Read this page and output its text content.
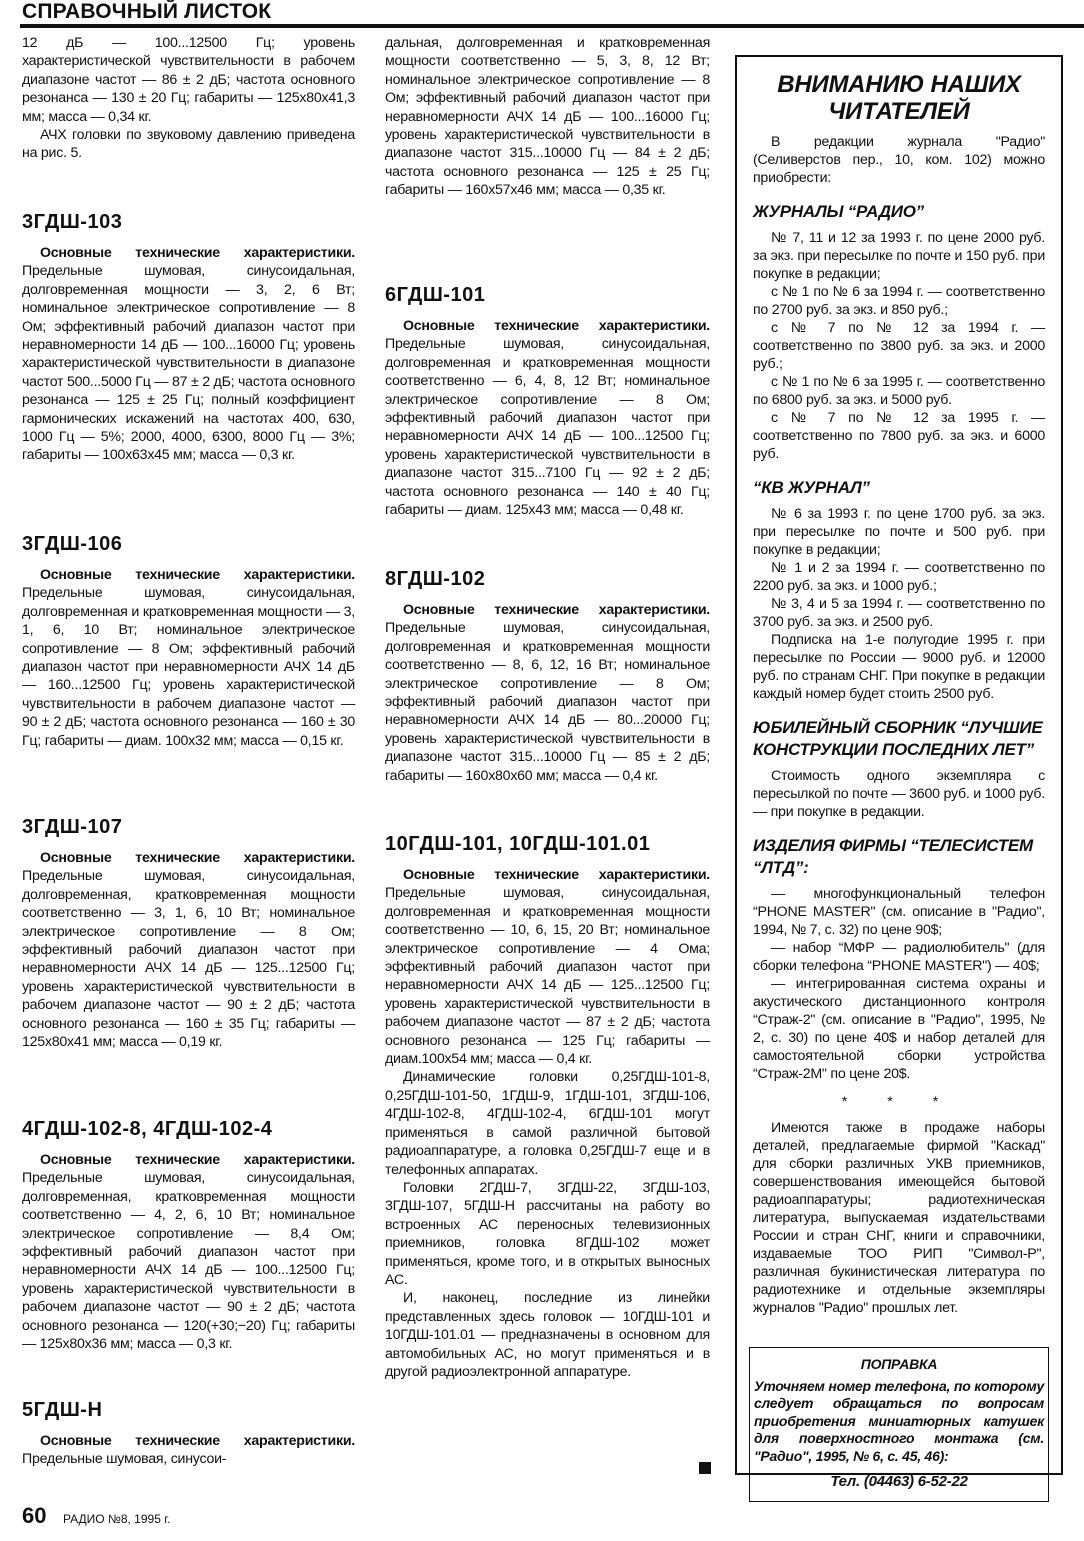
СПРАВОЧНЫЙ ЛИСТОК

12 дБ — 100...12500 Гц; уровень характеристической чувствительности в рабочем диапазоне частот — 86 ± 2 дБ; частота основного резонанса — 130 ± 20 Гц; габариты — 125x80x41,3 мм; масса — 0,34 кг.

АЧХ головки по звуковому давлению приведена на рис. 5.

3ГДШ-103

Основные технические характеристики. Предельные шумовая, синусоидальная, долговременная мощности — 3, 2, 6 Вт; номинальное электрическое сопротивление — 8 Ом; эффективный рабочий диапазон частот при неравномерности 14 дБ — 100...16000 Гц; уровень характеристической чувствительности в диапазоне частот 500...5000 Гц — 87 ± 2 дБ; частота основного резонанса — 125 ± 25 Гц; полный коэффициент гармонических искажений на частотах 400, 630, 1000 Гц — 5%; 2000, 4000, 6300, 8000 Гц — 3%; габариты — 100x63x45 мм; масса — 0,3 кг.

3ГДШ-106

Основные технические характеристики. Предельные шумовая, синусоидальная, долговременная и кратковременная мощности — 3, 1, 6, 10 Вт; номинальное электрическое сопротивление — 8 Ом; эффективный рабочий диапазон частот при неравномерности АЧХ 14 дБ — 160...12500 Гц; уровень характеристической чувствительности в рабочем диапазоне частот — 90 ± 2 дБ; частота основного резонанса — 160 ± 30 Гц; габариты — диам. 100x32 мм; масса — 0,15 кг.

3ГДШ-107

Основные технические характеристики. Предельные шумовая, синусоидальная, долговременная, кратковременная мощности соответственно — 3, 1, 6, 10 Вт; номинальное электрическое сопротивление — 8 Ом; эффективный рабочий диапазон частот при неравномерности АЧХ 14 дБ — 125...12500 Гц; уровень характеристической чувствительности в рабочем диапазоне частот — 90 ± 2 дБ; частота основного резонанса — 160 ± 35 Гц; габариты — 125x80x41 мм; масса — 0,19 кг.

4ГДШ-102-8, 4ГДШ-102-4

Основные технические характеристики. Предельные шумовая, синусоидальная, долговременная, кратковременная мощности соответственно — 4, 2, 6, 10 Вт; номинальное электрическое сопротивление — 8,4 Ом; эффективный рабочий диапазон частот при неравномерности АЧХ 14 дБ — 100...12500 Гц; уровень характеристической чувствительности в рабочем диапазоне частот — 90 ± 2 дБ; частота основного резонанса — 120(+30;−20) Гц; габариты — 125x80x36 мм; масса — 0,3 кг.

5ГДШ-Н

Основные технические характеристики. Предельные шумовая, синусои-

дальная, долговременная и кратковременная мощности соответственно — 5, 3, 8, 12 Вт; номинальное электрическое сопротивление — 8 Ом; эффективный рабочий диапазон частот при неравномерности АЧХ 14 дБ — 100...16000 Гц; уровень характеристической чувствительности в диапазоне частот 315...10000 Гц — 84 ± 2 дБ; частота основного резонанса — 125 ± 25 Гц; габариты — 160x57x46 мм; масса — 0,35 кг.

6ГДШ-101

Основные технические характеристики. Предельные шумовая, синусоидальная, долговременная и кратковременная мощности соответственно — 6, 4, 8, 12 Вт; номинальное электрическое сопротивление — 8 Ом; эффективный рабочий диапазон частот при неравномерности АЧХ 14 дБ — 100...12500 Гц; уровень характеристической чувствительности в диапазоне частот 315...7100 Гц — 92 ± 2 дБ; частота основного резонанса — 140 ± 40 Гц; габариты — диам. 125x43 мм; масса — 0,48 кг.

8ГДШ-102

Основные технические характеристики. Предельные шумовая, синусоидальная, долговременная и кратковременная мощности соответственно — 8, 6, 12, 16 Вт; номинальное электрическое сопротивление — 8 Ом; эффективный рабочий диапазон частот при неравномерности АЧХ 14 дБ — 80...20000 Гц; уровень характеристической чувствительности в диапазоне частот 315...10000 Гц — 85 ± 2 дБ; габариты — 160x80x60 мм; масса — 0,4 кг.

10ГДШ-101, 10ГДШ-101.01

Основные технические характеристики. Предельные шумовая, синусоидальная, долговременная и кратковременная мощности соответственно — 10, 6, 15, 20 Вт; номинальное электрическое сопротивление — 4 Ома; эффективный рабочий диапазон частот при неравномерности АЧХ 14 дБ — 125...12500 Гц; уровень характеристической чувствительности в рабочем диапазоне частот — 87 ± 2 дБ; частота основного резонанса — 125 Гц; габариты — диам.100x54 мм; масса — 0,4 кг.

Динамические головки 0,25ГДШ-101-8, 0,25ГДШ-101-50, 1ГДШ-9, 1ГДШ-101, 3ГДШ-106, 4ГДШ-102-8, 4ГДШ-102-4, 6ГДШ-101 могут применяться в самой различной бытовой радиоаппаратуре, а головка 0,25ГДШ-7 еще и в телефонных аппаратах.

Головки 2ГДШ-7, 3ГДШ-22, 3ГДШ-103, 3ГДШ-107, 5ГДШ-Н рассчитаны на работу во встроенных АС переносных телевизионных приемников, головка 8ГДШ-102 может применяться, кроме того, и в открытых выносных АС.

И, наконец, последние из линейки представленных здесь головок — 10ГДШ-101 и 10ГДШ-101.01 — предназначены в основном для автомобильных АС, но могут применяться и в другой радиоэлектронной аппаратуре.

ВНИМАНИЮ НАШИХ ЧИТАТЕЛЕЙ

В редакции журнала "Радио" (Селиверстов пер., 10, ком. 102) можно приобрести:

ЖУРНАЛЫ “РАДИО”

№ 7, 11 и 12 за 1993 г. по цене 2000 руб. за экз. при пересылке по почте и 150 руб. при покупке в редакции;

с № 1 по № 6 за 1994 г. — соответственно по 2700 руб. за экз. и 850 руб.;

с № 7 по № 12 за 1994 г. — соответственно по 3800 руб. за экз. и 2000 руб.;

с № 1 по № 6 за 1995 г. — соответственно по 6800 руб. за экз. и 5000 руб.

с № 7 по № 12 за 1995 г. — соответственно по 7800 руб. за экз. и 6000 руб.

“КВ ЖУРНАЛ”

№ 6 за 1993 г. по цене 1700 руб. за экз. при пересылке по почте и 500 руб. при покупке в редакции;

№ 1 и 2 за 1994 г. — соответственно по 2200 руб. за экз. и 1000 руб.;

№ 3, 4 и 5 за 1994 г. — соответственно по 3700 руб. за экз. и 2500 руб.

Подписка на 1-е полугодие 1995 г. при пересылке по России — 9000 руб. и 12000 руб. по странам СНГ. При покупке в редакции каждый номер будет стоить 2500 руб.

ЮБИЛЕЙНЫЙ СБОРНИК “ЛУЧШИЕ КОНСТРУКЦИИ ПОСЛЕДНИХ ЛЕТ”

Стоимость одного экземпляра с пересылкой по почте — 3600 руб. и 1000 руб. — при покупке в редакции.

ИЗДЕЛИЯ ФИРМЫ “ТЕЛЕСИСТЕМ “ЛТД”:

— многофункциональный телефон “PHONE MASTER" (см. описание в "Радио", 1994, № 7, с. 32) по цене 90$;

— набор “МФР — радиолюбитель" (для сборки телефона “PHONE MASTER") — 40$;

— интегрированная система охраны и акустического дистанционного контроля “Страж-2" (см. описание в "Радио", 1995, № 2, с. 30) по цене 40$ и набор деталей для самостоятельной сборки устройства “Страж-2М" по цене 20$.

* * *

Имеются также в продаже наборы деталей, предлагаемые фирмой "Каскад" для сборки различных УКВ приемников, совершенствования имеющейся бытовой радиоаппаратуры; радиотехническая литература, выпускаемая издательствами России и стран СНГ, книги и справочники, издаваемые ТОО РИП "Символ-Р", различная букинистическая литература по радиотехнике и отдельные экземпляры журналов "Радио" прошлых лет.

ПОПРАВКА
Уточняем номер телефона, по которому следует обращаться по вопросам приобретения миниатюрных катушек для поверхностного монтажа (см. "Радио", 1995, № 6, с. 45, 46):
Тел. (04463) 6-52-22
60 РАДИО №8, 1995 г.
